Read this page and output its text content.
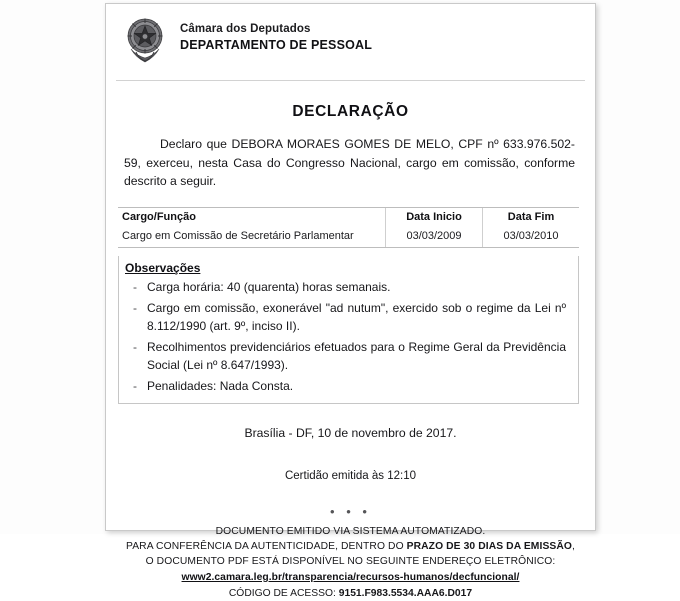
Câmara dos Deputados
DEPARTAMENTO DE PESSOAL
DECLARAÇÃO

Declaro que DEBORA MORAES GOMES DE MELO, CPF nº 633.976.502-59, exerceu, nesta Casa do Congresso Nacional, cargo em comissão, conforme descrito a seguir.

Cargo/Função	Data Inicio	Data Fim
Cargo em Comissão de Secretário Parlamentar	03/03/2009	03/03/2010
Observações
- Carga horária: 40 (quarenta) horas semanais.
- Cargo em comissão, exonerável "ad nutum", exercido sob o regime da Lei nº 8.112/1990 (art. 9º, inciso II).
- Recolhimentos previdenciários efetuados para o Regime Geral da Previdência Social (Lei nº 8.647/1993).
- Penalidades: Nada Consta.
Brasília - DF, 10 de novembro de 2017.
Certidão emitida às 12:10
• • •
DOCUMENTO EMITIDO VIA SISTEMA AUTOMATIZADO.
PARA CONFERÊNCIA DA AUTENTICIDADE, DENTRO DO PRAZO DE 30 DIAS DA EMISSÃO,
O DOCUMENTO PDF ESTÁ DISPONÍVEL NO SEGUINTE ENDEREÇO ELETRÔNICO:
www2.camara.leg.br/transparencia/recursos-humanos/decfuncional/
CÓDIGO DE ACESSO: 9151.F983.5534.AAA6.D017
